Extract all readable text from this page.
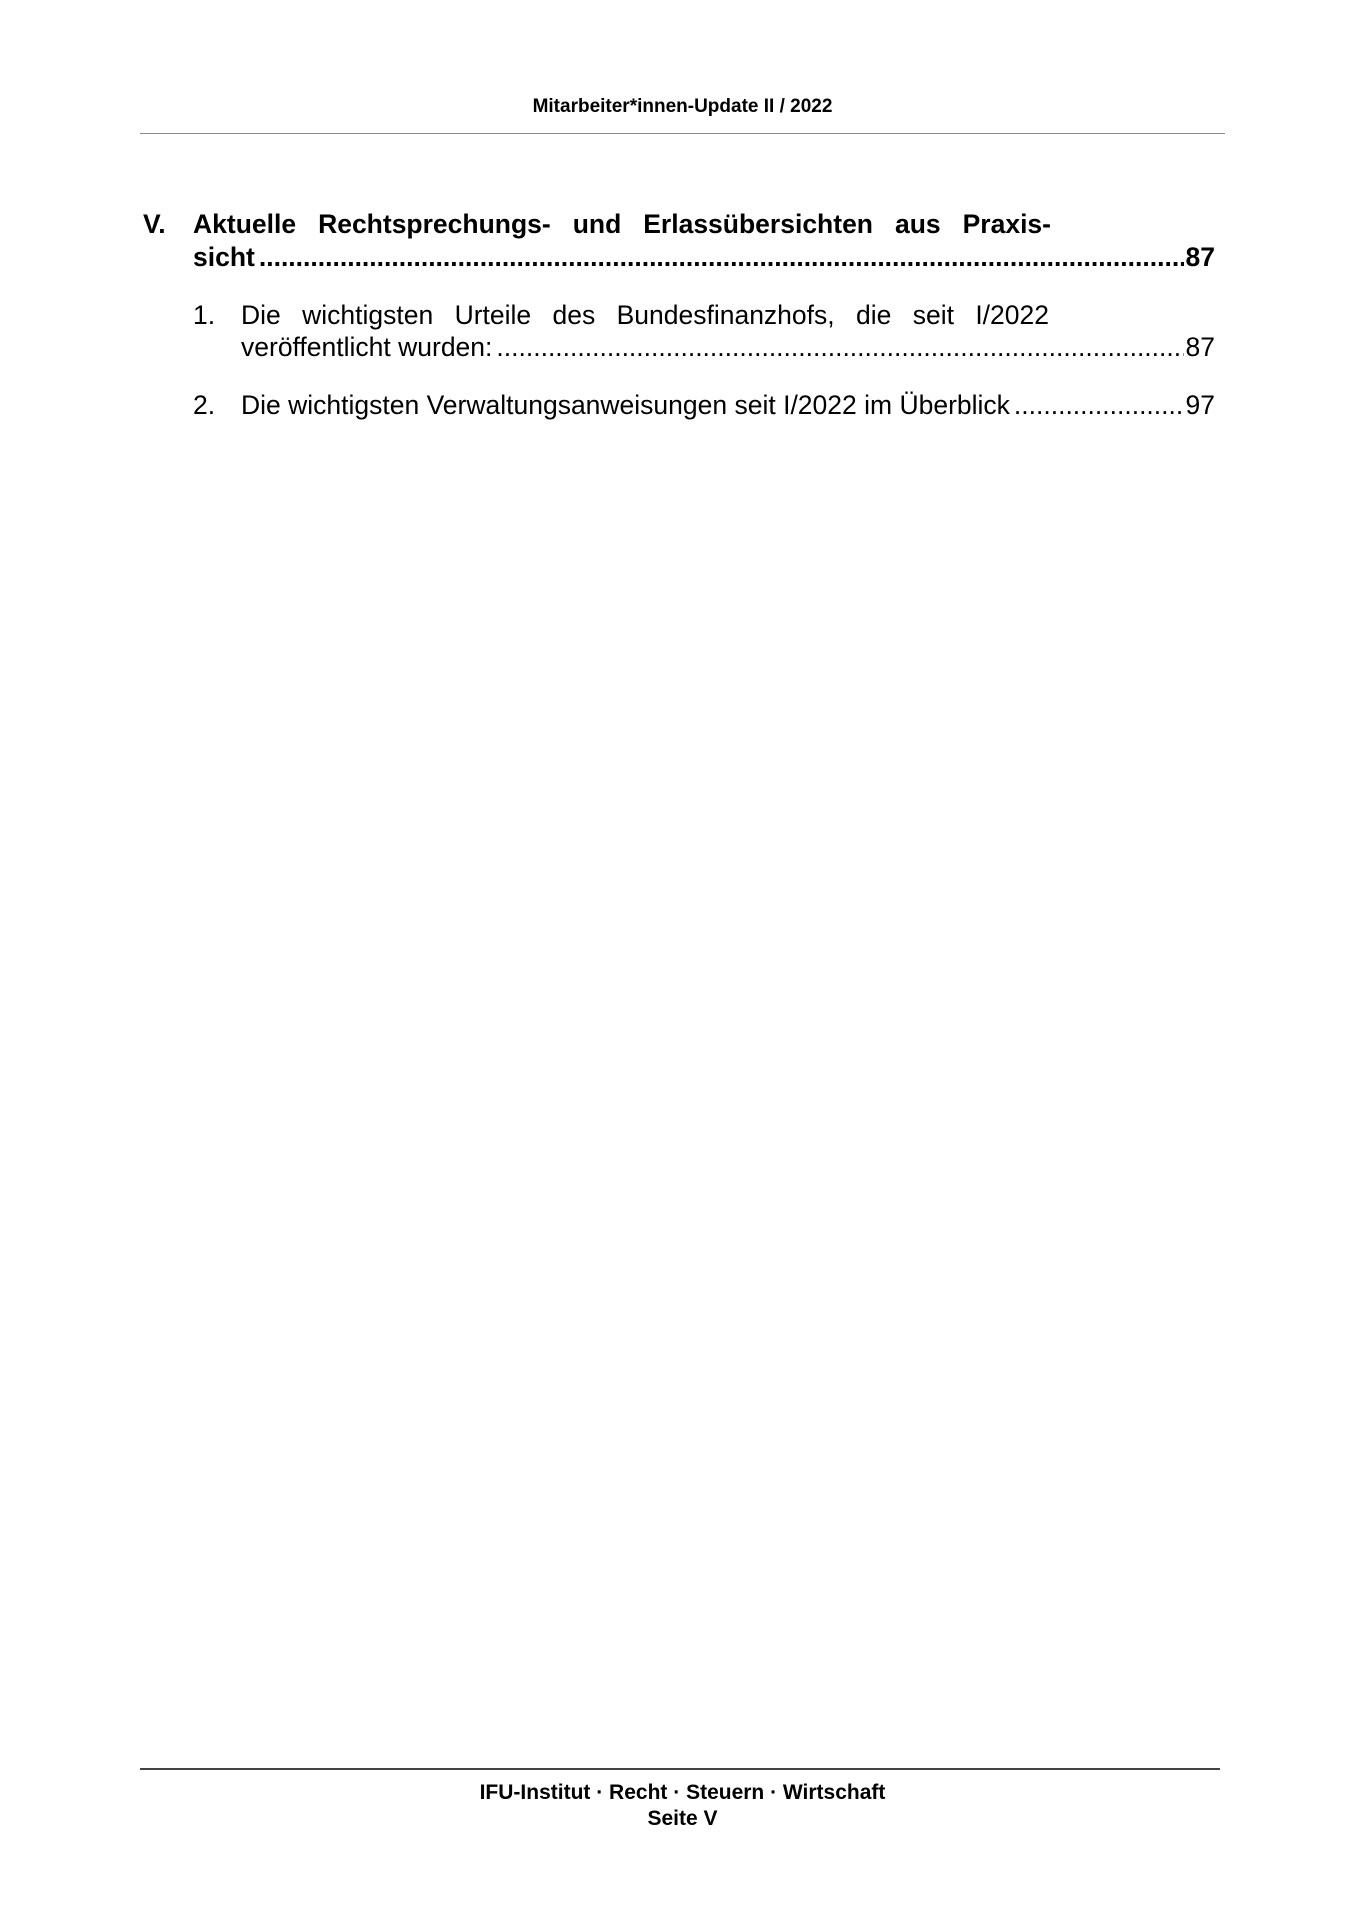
Mitarbeiter*innen-Update II / 2022
V.	Aktuelle Rechtsprechungs- und Erlassübersichten aus Praxis-
sicht .....	87
1. Die wichtigsten Urteile des Bundesfinanzhofs, die seit I/2022
veröffentlicht wurden: .....	87
2. Die wichtigsten Verwaltungsanweisungen seit I/2022 im Überblick .....	97
IFU-Institut · Recht · Steuern · Wirtschaft
Seite V
